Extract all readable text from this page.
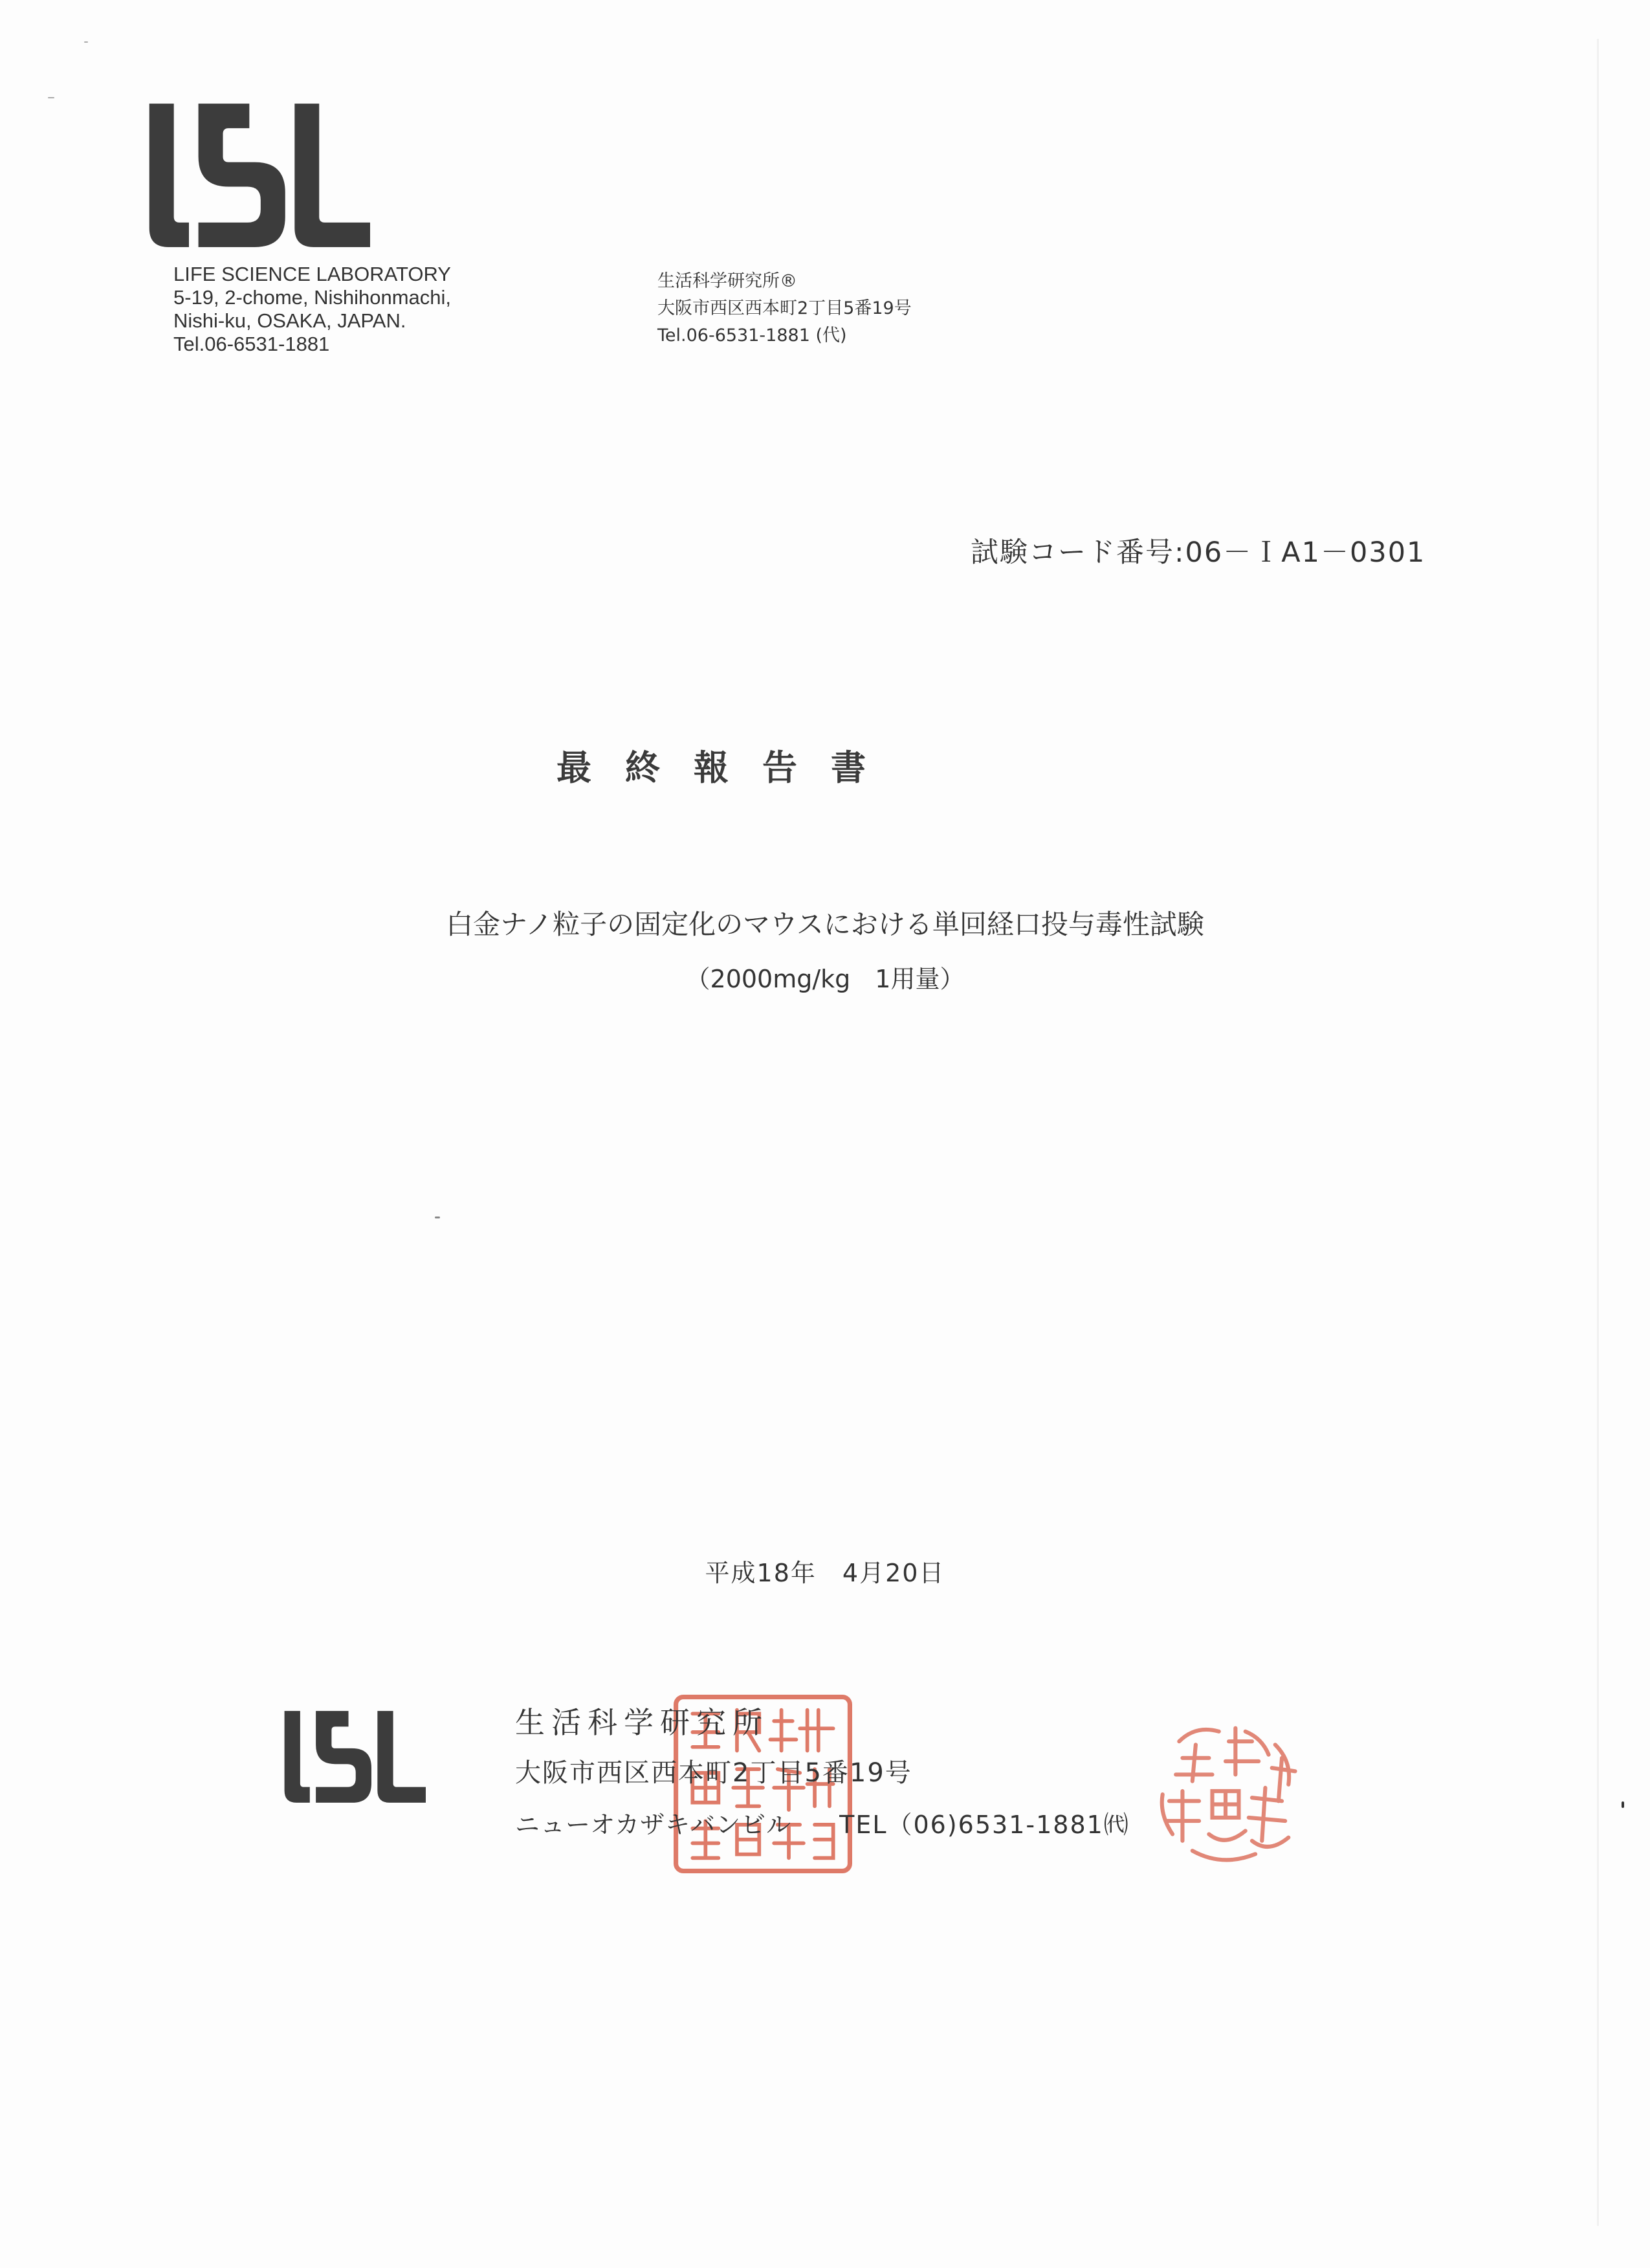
LIFE SCIENCE LABORATORY
5-19, 2-chome, Nishihonmachi,
Nishi-ku, OSAKA, JAPAN.
Tel.06-6531-1881
生活科学研究所®
大阪市西区西本町2丁目5番19号
Tel.06-6531-1881 (代)
試験コード番号:06－ＩA1－0301
最終報告書
白金ナノ粒子の固定化のマウスにおける単回経口投与毒性試験
（2000mg/kg　1用量）
平成18年　4月20日
生活科学研究所
大阪市西区西本町2丁目5番19号
ニューオカザキバンビル TEL（06)6531-1881㈹
